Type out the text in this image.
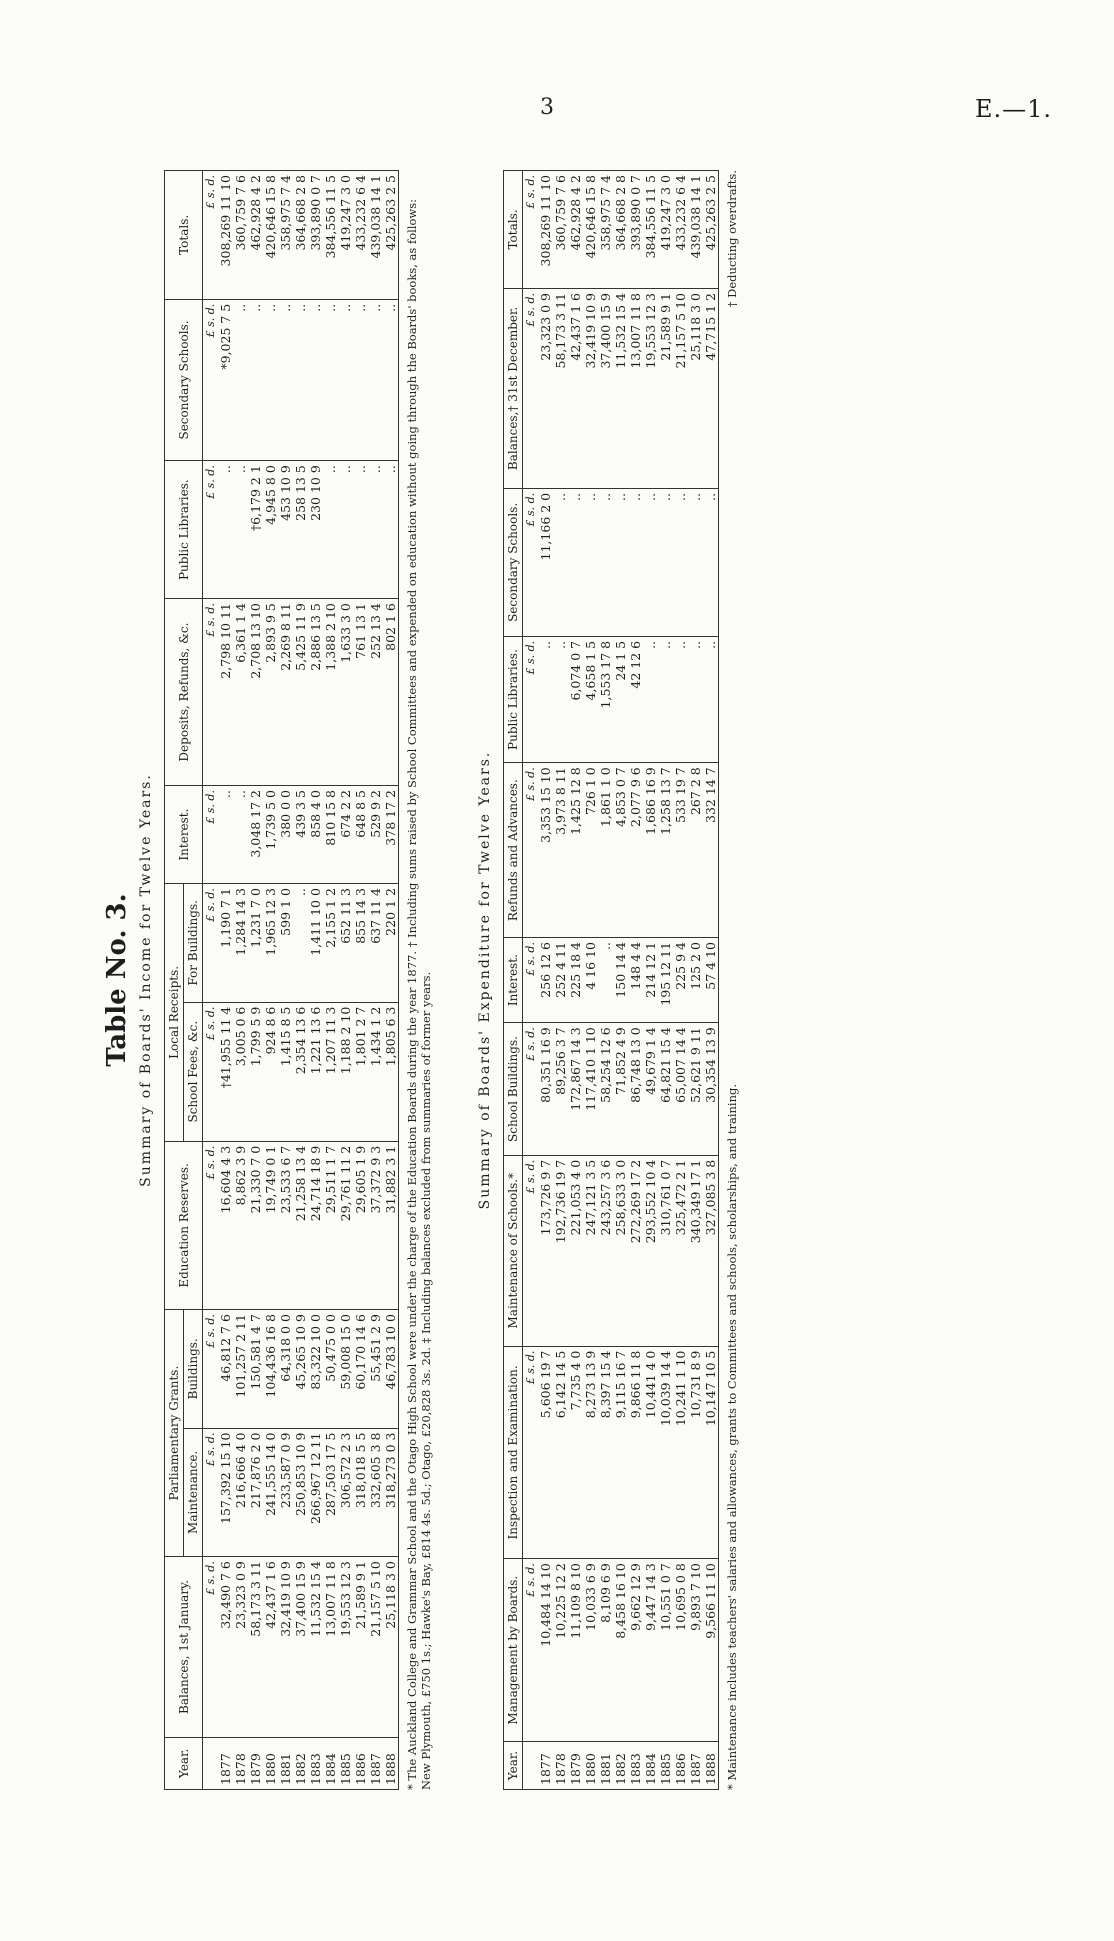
3	E.—1.
Table No. 3. Summary of Boards' Income for Twelve Years.
Year.	Balances, 1st January.	Parliamentary Grants.		Education Reserves.	Local Receipts.		Interest.	Deposits, Refunds, &c.	Public Libraries.	Secondary Schools.	Totals.
		Maintenance.	Buildings.		School Fees, &c.	For Buildings.					
	£ s. d.	£ s. d.	£ s. d.	£ s. d.	£ s. d.	£ s. d.	£ s. d.	£ s. d.	£ s. d.	£ s. d.	£ s. d.
1877	32,490 7 6	157,392 15 10	46,812 7 6	16,604 4 3	†41,955 11 4	1,190 7 1	..	2,798 10 11	..	*9,025 7 5	308,269 11 10
1878	23,323 0 9	216,666 4 0	101,257 2 11	8,862 3 9	3,005 0 6	1,284 14 3	..	6,361 1 4	..	..	360,759 7 6
1879	58,173 3 11	217,876 2 0	150,581 4 7	21,330 7 0	1,799 5 9	1,231 7 0	3,048 17 2	2,708 13 10	†6,179 2 1	..	462,928 4 2
1880	42,437 1 6	241,555 14 0	104,436 16 8	19,749 0 1	924 8 6	1,965 12 3	1,739 5 0	2,893 9 5	4,945 8 0	..	420,646 15 8
1881	32,419 10 9	233,587 0 9	64,318 0 0	23,533 6 7	1,415 8 5	599 1 0	380 0 0	2,269 8 11	453 10 9	..	358,975 7 4
1882	37,400 15 9	250,853 10 9	45,265 10 9	21,258 13 4	2,354 13 6	..	439 3 5	5,425 11 9	258 13 5	..	364,668 2 8
1883	11,532 15 4	266,967 12 11	83,322 10 0	24,714 18 9	1,221 13 6	1,411 10 0	858 4 0	2,886 13 5	230 10 9	..	393,890 0 7
1884	13,007 11 8	287,503 17 5	50,475 0 0	29,511 1 7	1,207 11 3	2,155 1 2	810 15 8	1,388 2 10	..	..	384,556 11 5
1885	19,553 12 3	306,572 2 3	59,008 15 0	29,761 11 2	1,188 2 10	652 11 3	674 2 2	1,633 3 0	..	..	419,247 3 0
1886	21,589 9 1	318,018 5 5	60,170 14 6	29,605 1 9	1,801 2 7	855 14 3	648 8 5	761 13 1	..	..	433,232 6 4
1887	21,157 5 10	332,605 3 8	55,451 2 9	37,372 9 3	1,434 1 2	637 11 4	529 9 2	252 13 4	..	..	439,038 14 1
1888	25,118 3 0	318,273 0 3	46,783 10 0	31,882 3 1	1,805 6 3	220 1 2	378 17 2	802 1 6	..	..	425,263 2 5 * The Auckland College and Grammar School and the Otago High School were under the charge of the Education Boards during the year 1877. † Including sums raised by School Committees and expended on education without going through the Boards' books, as follows: New Plymouth, £750 1s.; Hawke's Bay, £814 4s. 5d.; Otago, £20,828 3s. 2d. ‡ Including balances excluded from summaries of former years.	Summary of Boards' Expenditure for Twelve Years.
Year.	Management by Boards.	Inspection and Examination.	Maintenance of Schools.*	School Buildings.	Interest.	Refunds and Advances.	Public Libraries.	Secondary Schools.	Balances,† 31st December.	Totals.
	£ s. d.	£ s. d.	£ s. d.	£ s. d.	£ s. d.	£ s. d.	£ s. d.	£ s. d.	£ s. d.	£ s. d.
1877	10,484 14 10	5,606 19 7	173,726 9 7	80,351 16 9	256 12 6	3,353 15 10	..	11,166 2 0	23,323 0 9	308,269 11 10
1878	10,225 12 2	6,142 14 5	192,736 19 7	89,256 3 7	252 4 11	3,973 8 11	..	..	58,173 3 11	360,759 7 6
1879	11,109 8 10	7,735 4 0	221,053 4 0	172,867 14 3	225 18 4	1,425 12 8	6,074 0 7	..	42,437 1 6	462,928 4 2
1880	10,033 6 9	8,273 13 9	247,121 3 5	117,410 1 10	4 16 10	726 1 0	4,658 1 5	..	32,419 10 9	420,646 15 8
1881	8,109 6 9	8,397 15 4	243,257 3 6	58,254 12 6	..	1,861 1 0	1,553 17 8	..	37,400 15 9	358,975 7 4
1882	8,458 16 10	9,115 16 7	258,633 3 0	71,852 4 9	150 14 4	4,853 0 7	24 1 5	..	11,532 15 4	364,668 2 8
1883	9,662 12 9	9,866 11 8	272,269 17 2	86,748 13 0	148 4 4	2,077 9 6	42 12 6	..	13,007 11 8	393,890 0 7
1884	9,447 14 3	10,441 4 0	293,552 10 4	49,679 1 4	214 12 1	1,686 16 9	..	..	19,553 12 3	384,556 11 5
1885	10,551 0 7	10,039 14 4	310,761 0 7	64,821 15 4	195 12 11	1,258 13 7	..	..	21,589 9 1	419,247 3 0
1886	10,695 0 8	10,241 1 10	325,472 2 1	65,007 14 4	225 9 4	533 19 7	..	..	21,157 5 10	433,232 6 4
1887	9,893 7 10	10,731 8 9	340,349 17 1	52,621 9 11	125 2 0	267 2 8	..	..	25,118 3 0	439,038 14 1
1888	9,566 11 10	10,147 10 5	327,085 3 8	30,354 13 9	57 4 10	332 14 7	..	..	47,715 1 2	425,263 2 5
* Maintenance includes teachers' salaries and allowances, grants to Committees and schools, scholarships, and training.
† Deducting overdrafts.
